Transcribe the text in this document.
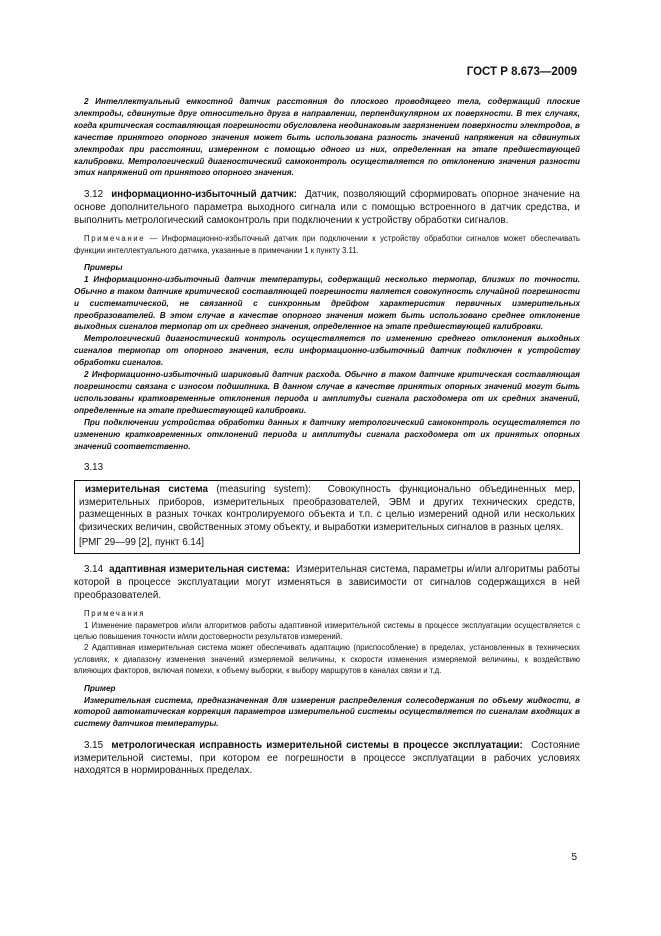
ГОСТ Р 8.673—2009

2 Интеллектуальный емкостной датчик расстояния до плоского проводящего тела, содержащий плоские электроды, сдвинутые друг относительно друга в направлении, перпендикулярном их поверхности. В тех случаях, когда критическая составляющая погрешности обусловлена неодинаковым загрязнением поверхности электродов, в качестве принятого опорного значения может быть использована разность значений напряжения на сдвинутых электродах при расстоянии, измеренном с помощью одного из них, определенная на этапе предшествующей калибровки. Метрологический диагностический самоконтроль осуществляется по отклонению значения разности этих напряжений от принятого опорного значения.

3.12 информационно-избыточный датчик: Датчик, позволяющий сформировать опорное значение на основе дополнительного параметра выходного сигнала или с помощью встроенного в датчик средства, и выполнить метрологический самоконтроль при подключении к устройству обработки сигналов.

Примечание — Информационно-избыточный датчик при подключении к устройству обработки сигналов может обеспечивать функции интеллектуального датчика, указанные в примечании 1 к пункту 3.11.

Примеры

1 Информационно-избыточный датчик температуры, содержащий несколько термопар, близких по точности. Обычно в таком датчике критической составляющей погрешности является совокупность случайной погрешности и систематической, не связанной с синхронным дрейфом характеристик первичных измерительных преобразователей. В этом случае в качестве опорного значения может быть использовано среднее отклонение выходных сигналов термопар от их среднего значения, определенное на этапе предшествующей калибровки.

Метрологический диагностический контроль осуществляется по изменению среднего отклонения выходных сигналов термопар от опорного значения, если информационно-избыточный датчик подключен к устройству обработки сигналов.

2 Информационно-избыточный шариковый датчик расхода. Обычно в таком датчике критическая составляющая погрешности связана с износом подшипника. В данном случае в качестве принятых опорных значений могут быть использованы кратковременные отклонения периода и амплитуды сигнала расходомера от их средних значений, определенные на этапе предшествующей калибровки.

При подключении устройства обработки данных к датчику метрологический самоконтроль осуществляется по изменению кратковременных отклонений периода и амплитуды сигнала расходомера от их принятых опорных значений соответственно.

3.13

измерительная система (measuring system): Совокупность функционально объединенных мер, измерительных приборов, измерительных преобразователей, ЭВМ и других технических средств, размещенных в разных точках контролируемого объекта и т.п. с целью измерений одной или нескольких физических величин, свойственных этому объекту, и выработки измерительных сигналов в разных целях.

[РМГ 29—99 [2], пункт 6.14]

3.14 адаптивная измерительная система: Измерительная система, параметры и/или алгоритмы работы которой в процессе эксплуатации могут изменяться в зависимости от сигналов содержащихся в ней преобразователей.

Примечания

1 Изменение параметров и/или алгоритмов работы адаптивной измерительной системы в процессе эксплуатации осуществляется с целью повышения точности и/или достоверности результатов измерений.

2 Адаптивная измерительная система может обеспечивать адаптацию (приспособление) в пределах, установленных в технических условиях, к диапазону изменения значений измеряемой величины, к скорости изменения измеряемой величины, к воздействию влияющих факторов, включая помехи, к объему выборки, к выбору маршрутов в каналах связи и т.д.

Пример

Измерительная система, предназначенная для измерения распределения солесодержания по объему жидкости, в которой автоматическая коррекция параметров измерительной системы осуществляется по сигналам входящих в систему датчиков температуры.

3.15 метрологическая исправность измерительной системы в процессе эксплуатации: Состояние измерительной системы, при котором ее погрешности в процессе эксплуатации в рабочих условиях находятся в нормированных пределах.

5
